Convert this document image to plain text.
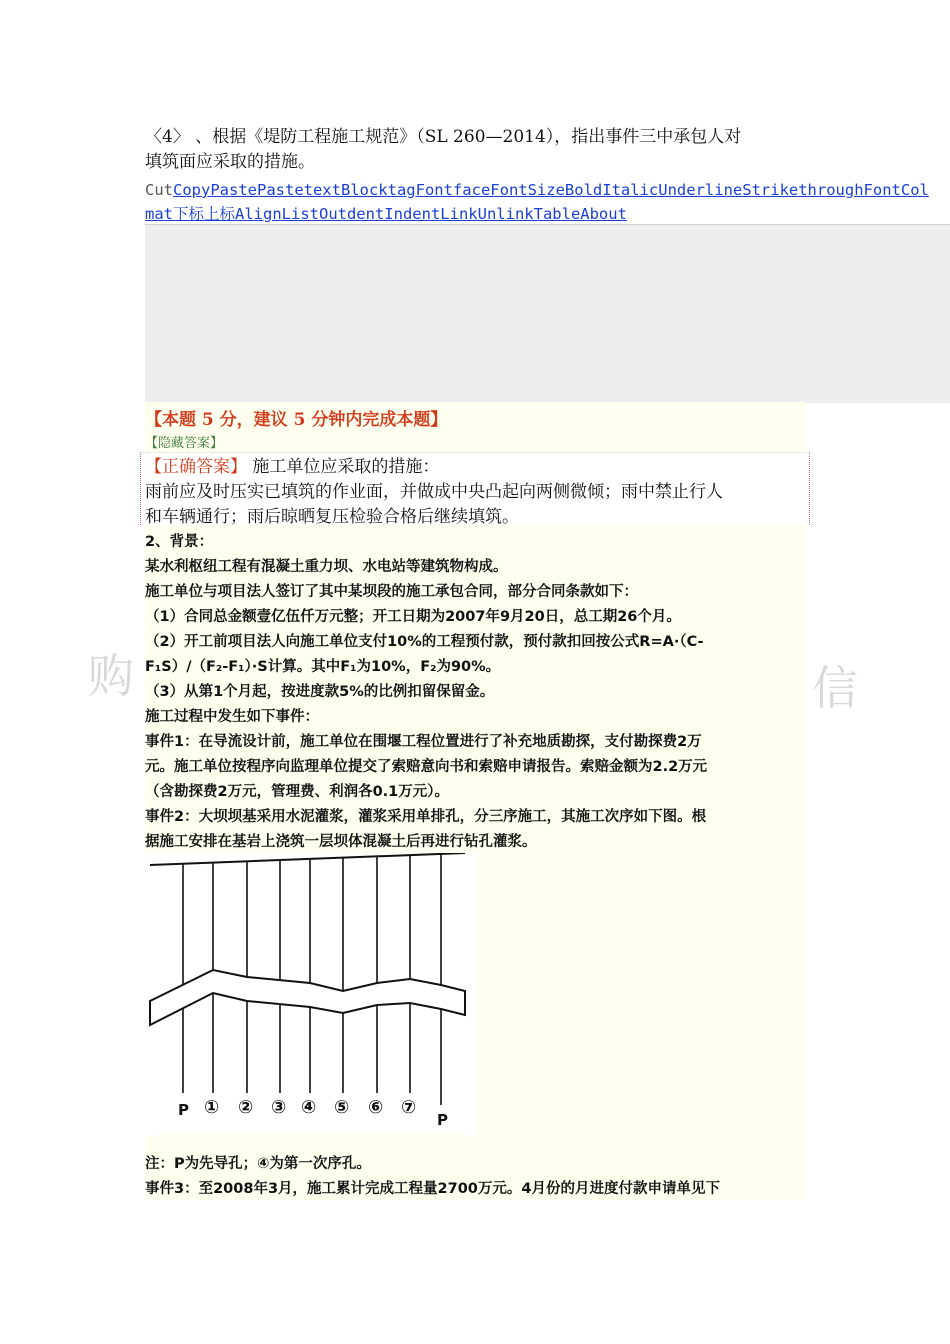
〈4〉 、根据《堤防工程施工规范》（SL 260—2014），指出事件三中承包人对
填筑面应采取的措施。
CutCopyPastePastetextBlocktagFontfaceFontSizeBoldItalicUnderlineStrikethroughFontCol
mat下标上标AlignListOutdentIndentLinkUnlinkTableAbout
【本题 5 分，建议 5 分钟内完成本题】
【隐藏答案】
【正确答案】 施工单位应采取的措施：
雨前应及时压实已填筑的作业面，并做成中央凸起向两侧微倾；雨中禁止行人
和车辆通行；雨后晾晒复压检验合格后继续填筑。

2、背景：

某水利枢纽工程有混凝土重力坝、水电站等建筑物构成。

施工单位与项目法人签订了其中某坝段的施工承包合同，部分合同条款如下：

（1）合同总金额壹亿伍仟万元整；开工日期为2007年9月20日，总工期26个月。

（2）开工前项目法人向施工单位支付10%的工程预付款，预付款扣回按公式R=A·（C-

F₁S）/（F₂-F₁）·S计算。其中F₁为10%，F₂为90%。

（3）从第1个月起，按进度款5%的比例扣留保留金。

施工过程中发生如下事件：

事件1：在导流设计前，施工单位在围堰工程位置进行了补充地质勘探，支付勘探费2万

元。施工单位按程序向监理单位提交了索赔意向书和索赔申请报告。索赔金额为2.2万元

（含勘探费2万元，管理费、利润各0.1万元）。

事件2：大坝坝基采用水泥灌浆，灌浆采用单排孔，分三序施工，其施工次序如下图。根

据施工安排在基岩上浇筑一层坝体混凝土后再进行钻孔灌浆。

购	信
P ① ② ③ ④ ⑤ ⑥ ⑦
P

注：P为先导孔；④为第一次序孔。

事件3：至2008年3月，施工累计完成工程量2700万元。4月份的月进度付款申请单见下
